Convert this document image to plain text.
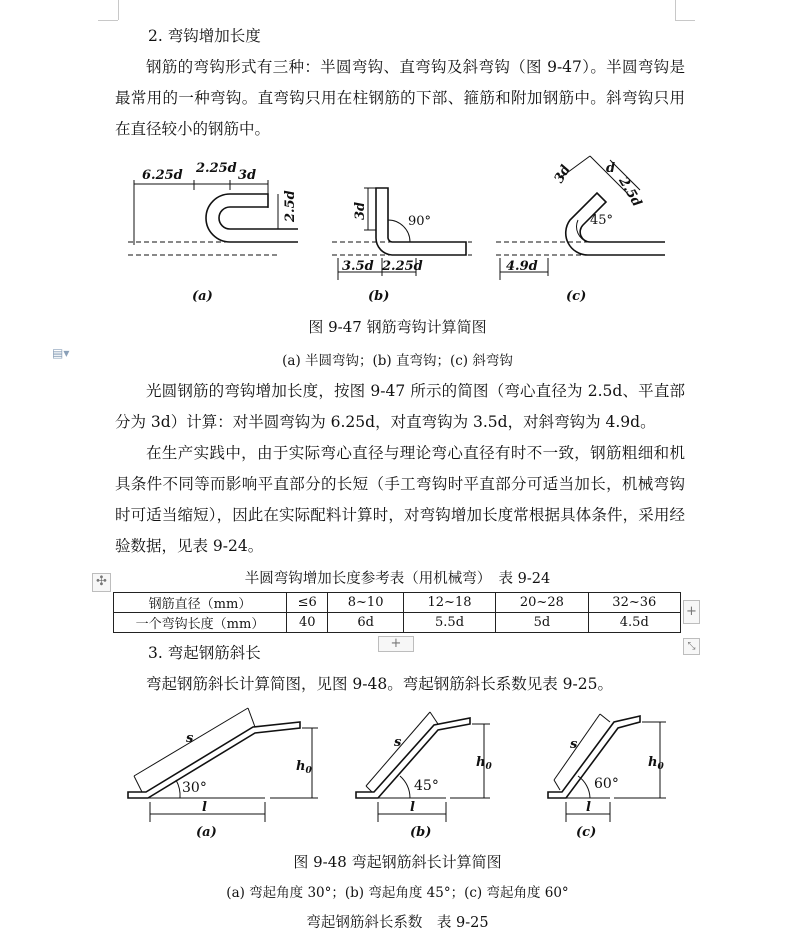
2. 弯钩增加长度

钢筋的弯钩形式有三种：半圆弯钩、直弯钩及斜弯钩（图 9-47）。半圆弯钩是最常用的一种弯钩。直弯钩只用在柱钢筋的下部、箍筋和附加钢筋中。斜弯钩只用在直径较小的钢筋中。

6.25d 2.25d 3d
2.5d
(a)
3d
90°
3.5d 2.25d
(b)
3d d
2.5d
45°
4.9d
(c)
图 9-47 钢筋弯钩计算简图
▤▾	(a) 半圆弯钩；(b) 直弯钩；(c) 斜弯钩

光圆钢筋的弯钩增加长度，按图 9-47 所示的简图（弯心直径为 2.5d、平直部分为 3d）计算：对半圆弯钩为 6.25d，对直弯钩为 3.5d，对斜弯钩为 4.9d。

在生产实践中，由于实际弯心直径与理论弯心直径有时不一致，钢筋粗细和机具条件不同等而影响平直部分的长短（手工弯钩时平直部分可适当加长，机械弯钩时可适当缩短），因此在实际配料计算时，对弯钩增加长度常根据具体条件，采用经验数据，见表 9-24。

半圆弯钩增加长度参考表（用机械弯）　表 9-24
✣
钢筋直径（mm）	≤6	8~10	12~18	20~28	32~36
一个弯钩长度（mm）	40	6d	5.5d	5d	4.5d
+
+	⤡
3. 弯起钢筋斜长

弯起钢筋斜长计算简图，见图 9-48。弯起钢筋斜长系数见表 9-25。

s
30°
$h_0$
l
(a)
s
45°
$h_0$
l
(b)
s
60°
$h_0$
l
(c)
图 9-48 弯起钢筋斜长计算简图
(a) 弯起角度 30°；(b) 弯起角度 45°；(c) 弯起角度 60°
弯起钢筋斜长系数　表 9-25
